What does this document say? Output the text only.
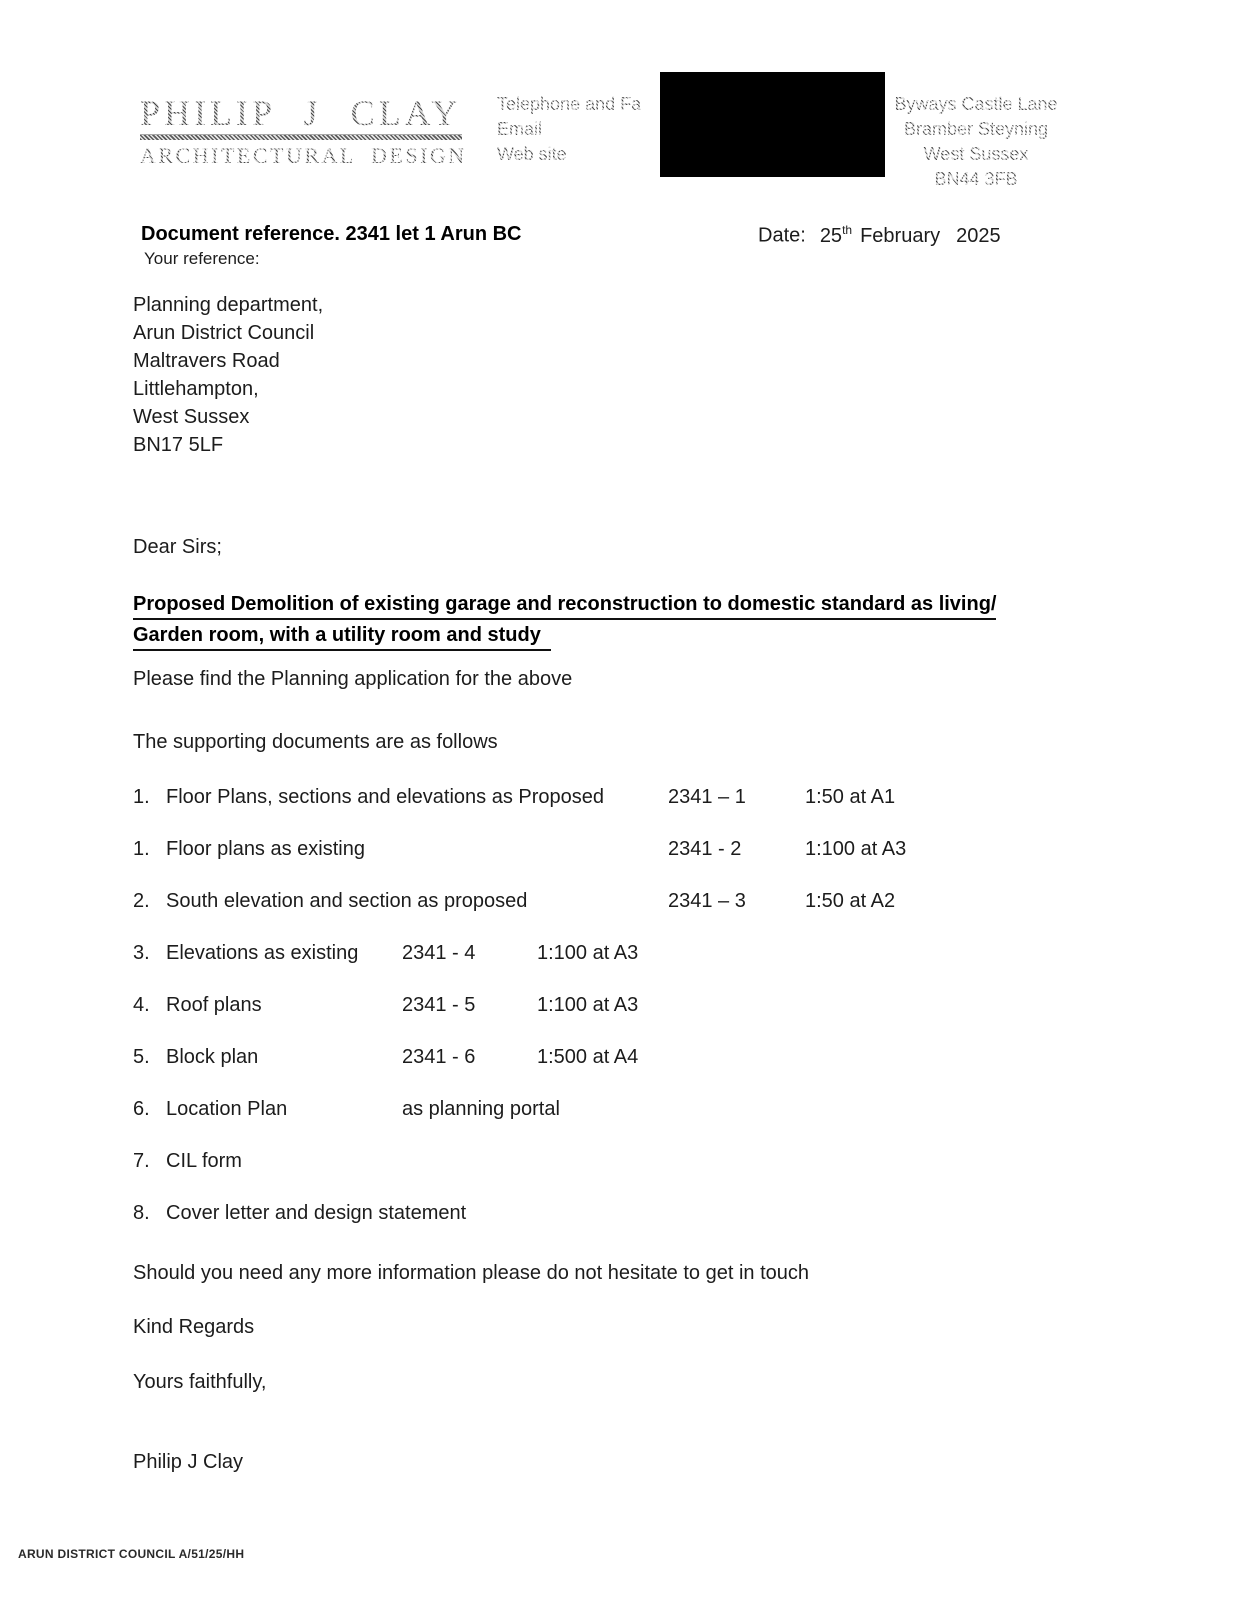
PHILIP J CLAY
ARCHITECTURAL DESIGN
Telephone and Fa
Email
Web site
Byways Castle Lane
Bramber Steyning
West Sussex
BN44 3FB
Document reference. 2341 let 1 Arun BC
Your reference:
Date: 25th February 2025
Planning department,
Arun District Council
Maltravers Road
Littlehampton,
West Sussex
BN17 5LF
Dear Sirs;
Proposed Demolition of existing garage and reconstruction to domestic standard as living/
Garden room, with a utility room and study
Please find the Planning application for the above
The supporting documents are as follows
1. Floor Plans, sections and elevations as Proposed	2341 – 1	1:50 at A1
1. Floor plans as existing	2341 - 2	1:100 at A3
2. South elevation and section as proposed	2341 – 3	1:50 at A2
3. Elevations as existing 2341 - 4	1:100 at A3
4. Roof plans	2341 - 5	1:100 at A3
5. Block plan	2341 - 6	1:500 at A4
6. Location Plan	as planning portal
7. CIL form
8. Cover letter and design statement
Should you need any more information please do not hesitate to get in touch
Kind Regards
Yours faithfully,
Philip J Clay
ARUN DISTRICT COUNCIL A/51/25/HH
